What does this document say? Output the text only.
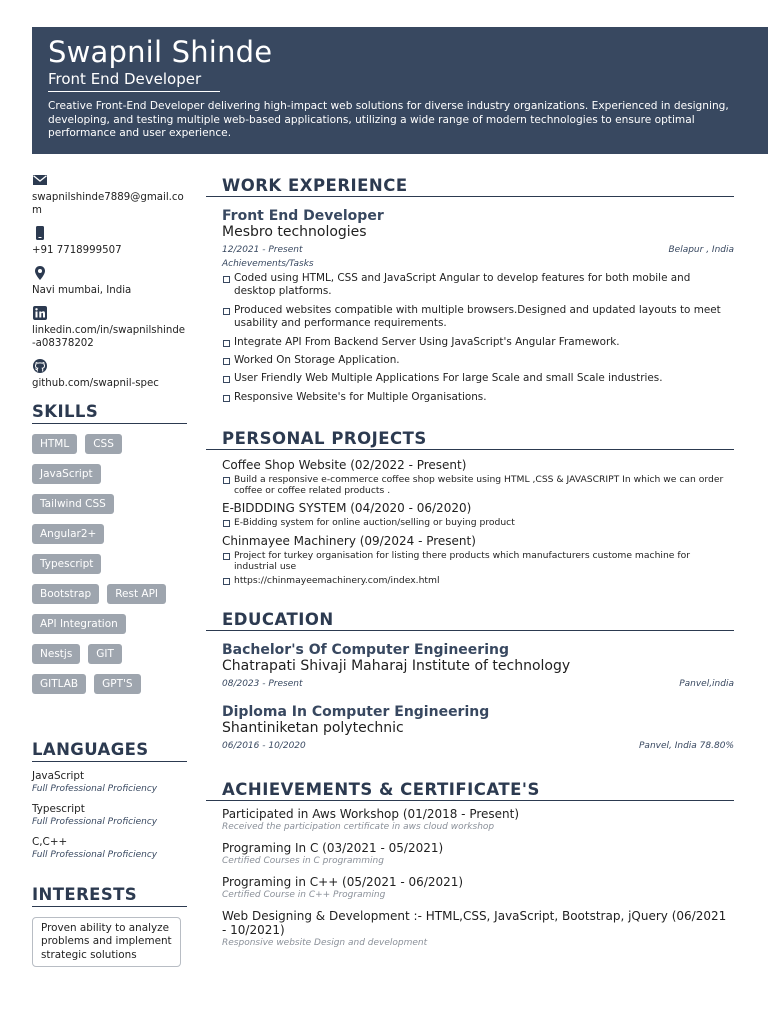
Swapnil Shinde
Front End Developer
Creative Front-End Developer delivering high-impact web solutions for diverse industry organizations. Experienced in designing, developing, and testing multiple web-based applications, utilizing a wide range of modern technologies to ensure optimal performance and user experience.
swapnilshinde7889@gmail.com
+91 7718999507
Navi mumbai, India
linkedin.com/in/swapnilshinde-a08378202
github.com/swapnil-spec
SKILLS
HTML	CSS
JavaScript
Tailwind CSS
Angular2+
Typescript
Bootstrap	Rest API
API Integration
Nestjs	GIT
GITLAB	GPT'S
LANGUAGES
JavaScript
Full Professional Proficiency
Typescript
Full Professional Proficiency
C,C++
Full Professional Proficiency
INTERESTS
Proven ability to analyze problems and implement strategic solutions
WORK EXPERIENCE
Front End Developer
Mesbro technologies
12/2021 - Present	Belapur , India
Achievements/Tasks
Coded using HTML, CSS and JavaScript Angular to develop features for both mobile and desktop platforms.
Produced websites compatible with multiple browsers.Designed and updated layouts to meet usability and performance requirements.
Integrate API From Backend Server Using JavaScript's Angular Framework.
Worked On Storage Application.
User Friendly Web Multiple Applications For large Scale and small Scale industries.
Responsive Website's for Multiple Organisations.
PERSONAL PROJECTS
Coffee Shop Website (02/2022 - Present)
Build a responsive e-commerce coffee shop website using HTML ,CSS & JAVASCRIPT In which we can order coffee or coffee related products .
E-BIDDDING SYSTEM (04/2020 - 06/2020)
E-Bidding system for online auction/selling or buying product
Chinmayee Machinery (09/2024 - Present)
Project for turkey organisation for listing there products which manufacturers custome machine for industrial use
https://chinmayeemachinery.com/index.html
EDUCATION
Bachelor's Of Computer Engineering
Chatrapati Shivaji Maharaj Institute of technology
08/2023 - Present	Panvel,india
Diploma In Computer Engineering
Shantiniketan polytechnic
06/2016 - 10/2020	Panvel, India 78.80%
ACHIEVEMENTS & CERTIFICATE'S
Participated in Aws Workshop (01/2018 - Present)
Received the participation certificate in aws cloud workshop
Programing In C (03/2021 - 05/2021)
Certified Courses in C programming
Programing in C++ (05/2021 - 06/2021)
Certified Course in C++ Programing
Web Designing & Development :- HTML,CSS, JavaScript, Bootstrap, jQuery (06/2021 - 10/2021)
Responsive website Design and development
